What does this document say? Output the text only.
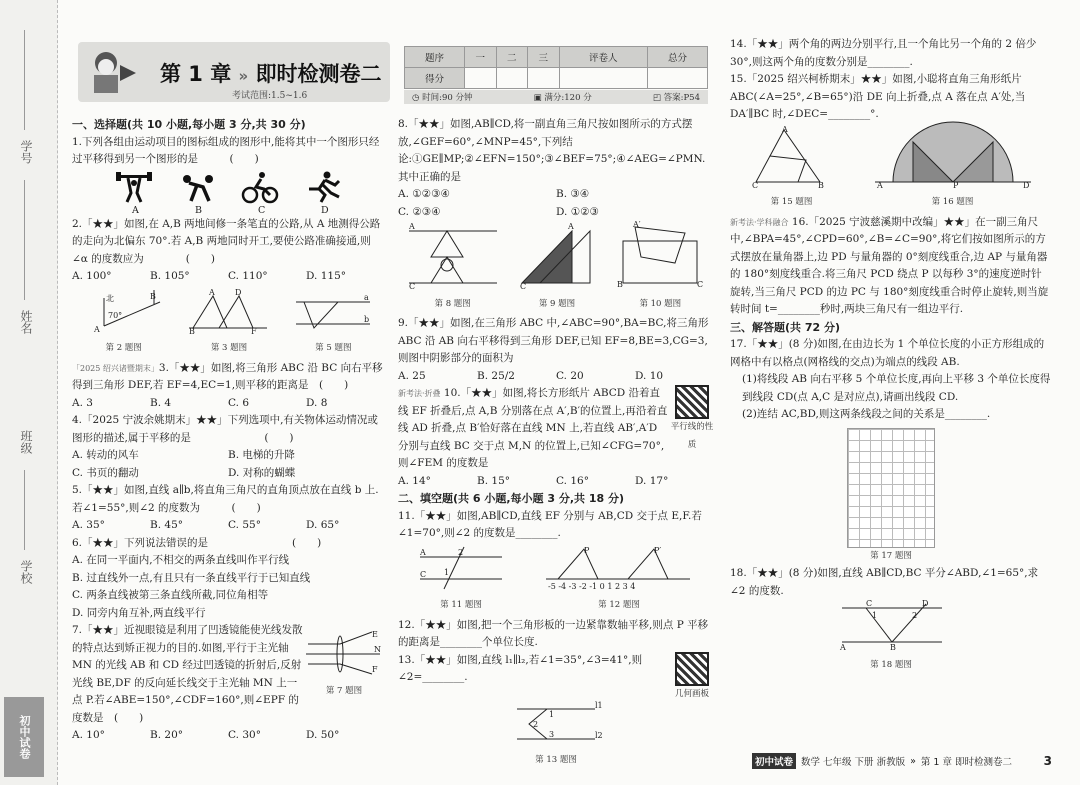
学号
姓名
班级
学校
初中试卷
第 1 章 » 即时检测卷二
考试范围:1.5~1.6
题序	一	二	三	评卷人	总分
得分					
◷ 时间:90 分钟	▣ 满分:120 分	◰ 答案:P54

一、选择题(共 10 小题,每小题 3 分,共 30 分)

1.下列各组由运动项目的图标组成的图形中,能将其中一个图形只经过平移得到另一个图形的是　　　(　　)

A	B	C	D

2.「★★」如图,在 A,B 两地间修一条笔直的公路,从 A 地测得公路的走向为北偏东 70°.若 A,B 两地同时开工,要使公路准确接通,则∠α 的度数应为　　　　(　　)

A. 100°	B. 105°	C. 110°	D. 115°
北
A
B
70°
第 2 题图
B
A	D
F
第 3 题图
a
b
第 5 题图

「2025 绍兴诸暨期末」3.「★★」如图,将三角形 ABC 沿 BC 向右平移得到三角形 DEF,若 EF=4,EC=1,则平移的距离是　(　　)

A. 3	B. 4	C. 6	D. 8

4.「2025 宁波余姚期末」★★」下列选项中,有关物体运动情况或图形的描述,属于平移的是　　　　　　　(　　)

A. 转动的风车	B. 电梯的升降
C. 书页的翻动	D. 对称的蝴蝶

5.「★★」如图,直线 a∥b,将直角三角尺的直角顶点放在直线 b 上.若∠1=55°,则∠2 的度数为　　　(　　)

A. 35°	B. 45°	C. 55°	D. 65°

6.「★★」下列说法错误的是　　　　　　　　(　　)

A. 在同一平面内,不相交的两条直线叫作平行线

B. 过直线外一点,有且只有一条直线平行于已知直线

C. 两条直线被第三条直线所截,同位角相等

D. 同旁内角互补,两直线平行

7.「★★」近视眼镜是利用了凹透镜能使光线发散的特点达到矫正视力的目的.如图,平行于主光轴 MN 的光线 AB 和 CD 经过凹透镜的折射后,反射光线 BE,DF 的反向延长线交于主光轴 MN 上一点 P.若∠ABE=150°,∠CDF=160°,则∠EPF 的度数是　(　　)

E
F
N
第 7 题图
A. 10°	B. 20°	C. 30°	D. 50°

8.「★★」如图,AB∥CD,将一副直角三角尺按如图所示的方式摆放,∠GEF=60°,∠MNP=45°,下列结论:①GE∥MP;②∠EFN=150°;③∠BEF=75°;④∠AEG=∠PMN.其中正确的是

A. ①②③④	B. ③④
C. ②③④	D. ①②③
A
C
第 8 题图
A
C
第 9 题图
A′
B	C
第 10 题图

9.「★★」如图,在三角形 ABC 中,∠ABC=90°,BA=BC,将三角形 ABC 沿 AB 向右平移得到三角形 DEF,已知 EF=8,BE=3,CG=3,则图中阴影部分的面积为

A. 25	B. 25/2	C. 20	D. 10

新考法·折叠 10.「★★」如图,将长方形纸片 ABCD 沿着直线 EF 折叠后,点 A,B 分别落在点 A′,B′的位置上,再沿着直线 AD 折叠,点 B′恰好落在直线 MN 上,若直线 AB′,A′D 分别与直线 BC 交于点 M,N 的位置上,已知∠CFG=70°,则∠FEM 的度数是

平行线的性质
A. 14°	B. 15°	C. 16°	D. 17°

二、填空题(共 6 小题,每小题 3 分,共 18 分)

11.「★★」如图,AB∥CD,直线 EF 分别与 AB,CD 交于点 E,F.若∠1=70°,则∠2 的度数是________.

A
C
2
1
第 11 题图
P	P′
-5 -4 -3 -2 -1 0 1 2 3 4
第 12 题图

12.「★★」如图,把一个三角形板的一边紧靠数轴平移,则点 P 平移的距离是________个单位长度.

13.「★★」如图,直线 l₁∥l₂,若∠1=35°,∠3=41°,则∠2=________.

几何画板
l1
l2
1
2
3
第 13 题图

14.「★★」两个角的两边分别平行,且一个角比另一个角的 2 倍少 30°,则这两个角的度数分别是________.

15.「2025 绍兴柯桥期末」★★」如图,小聪将直角三角形纸片 ABC(∠A=25°,∠B=65°)沿 DE 向上折叠,点 A 落在点 A′处,当 DA′∥BC 时,∠DEC=________°.

A
C	B
第 15 题图
A	P	D
第 16 题图

新考法·学科融合 16.「2025 宁波慈溪期中改编」★★」在一副三角尺中,∠BPA=45°,∠CPD=60°,∠B=∠C=90°,将它们按如图所示的方式摆放在量角器上,边 PD 与量角器的 0°刻度线重合,边 AP 与量角器的 180°刻度线重合.将三角尺 PCD 绕点 P 以每秒 3°的速度逆时针旋转,当三角尺 PCD 的边 PC 与 180°刻度线重合时停止旋转,则当旋转时间 t=________秒时,两块三角尺有一组边平行.

三、解答题(共 72 分)

17.「★★」(8 分)如图,在由边长为 1 个单位长度的小正方形组成的网格中有以格点(网格线的交点)为端点的线段 AB.

(1)将线段 AB 向右平移 5 个单位长度,再向上平移 3 个单位长度得到线段 CD(点 A,C 是对应点),请画出线段 CD.

(2)连结 AC,BD,则这两条线段之间的关系是________.

第 17 题图

18.「★★」(8 分)如图,直线 AB∥CD,BC 平分∠ABD,∠1=65°,求∠2 的度数.

C	D
A	B
1	2
第 18 题图
初中试卷 数学 七年级 下册 浙教版 » 第 1 章 即时检测卷二	3
